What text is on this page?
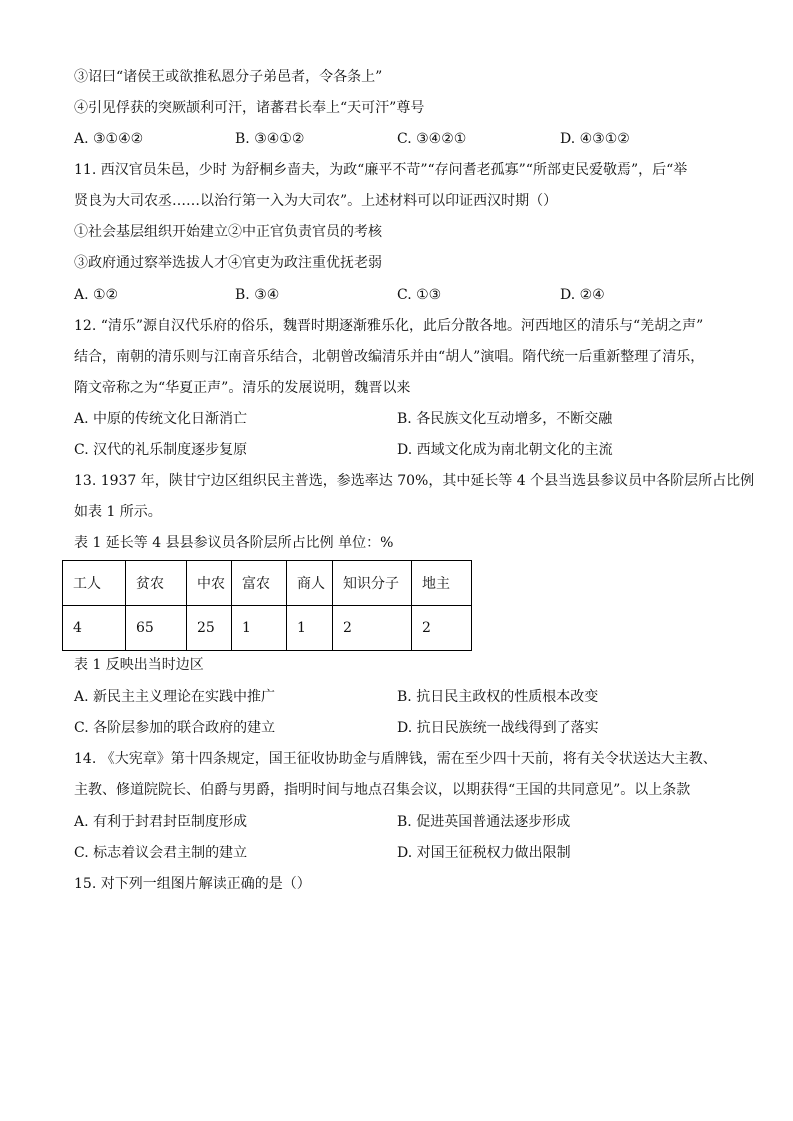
③诏曰“诸侯王或欲推私恩分子弟邑者，令各条上”
④引见俘获的突厥颉利可汗，诸蕃君长奉上“天可汗”尊号
A. ③①④②	B. ③④①②	C. ③④②①	D. ④③①②
11. 西汉官员朱邑，少时 为舒桐乡啬夫，为政“廉平不苛”“存问耆老孤寡”“所部吏民爱敬焉”，后“举
贤良为大司农丞……以治行第一入为大司农”。上述材料可以印证西汉时期（）
①社会基层组织开始建立②中正官负责官员的考核
③政府通过察举选拔人才④官吏为政注重优抚老弱
A. ①②	B. ③④	C. ①③	D. ②④
12. “清乐”源自汉代乐府的俗乐，魏晋时期逐渐雅乐化，此后分散各地。河西地区的清乐与“羌胡之声”
结合，南朝的清乐则与江南音乐结合，北朝曾改编清乐并由“胡人”演唱。隋代统一后重新整理了清乐，
隋文帝称之为“华夏正声”。清乐的发展说明，魏晋以来
A. 中原的传统文化日渐消亡	B. 各民族文化互动增多，不断交融
C. 汉代的礼乐制度逐步复原	D. 西域文化成为南北朝文化的主流
13. 1937 年，陕甘宁边区组织民主普选，参选率达 70%，其中延长等 4 个县当选县参议员中各阶层所占比例
如表 1 所示。
表 1 延长等 4 县县参议员各阶层所占比例 单位：%
工人	贫农	中农	富农	商人	知识分子	地主
4	65	25	1	1	2	2
表 1 反映出当时边区
A. 新民主主义理论在实践中推广	B. 抗日民主政权的性质根本改变
C. 各阶层参加的联合政府的建立	D. 抗日民族统一战线得到了落实
14. 《大宪章》第十四条规定，国王征收协助金与盾牌钱，需在至少四十天前，将有关令状送达大主教、
主教、修道院院长、伯爵与男爵，指明时间与地点召集会议，以期获得“王国的共同意见”。以上条款
A. 有利于封君封臣制度形成	B. 促进英国普通法逐步形成
C. 标志着议会君主制的建立	D. 对国王征税权力做出限制
15. 对下列一组图片解读正确的是（）
